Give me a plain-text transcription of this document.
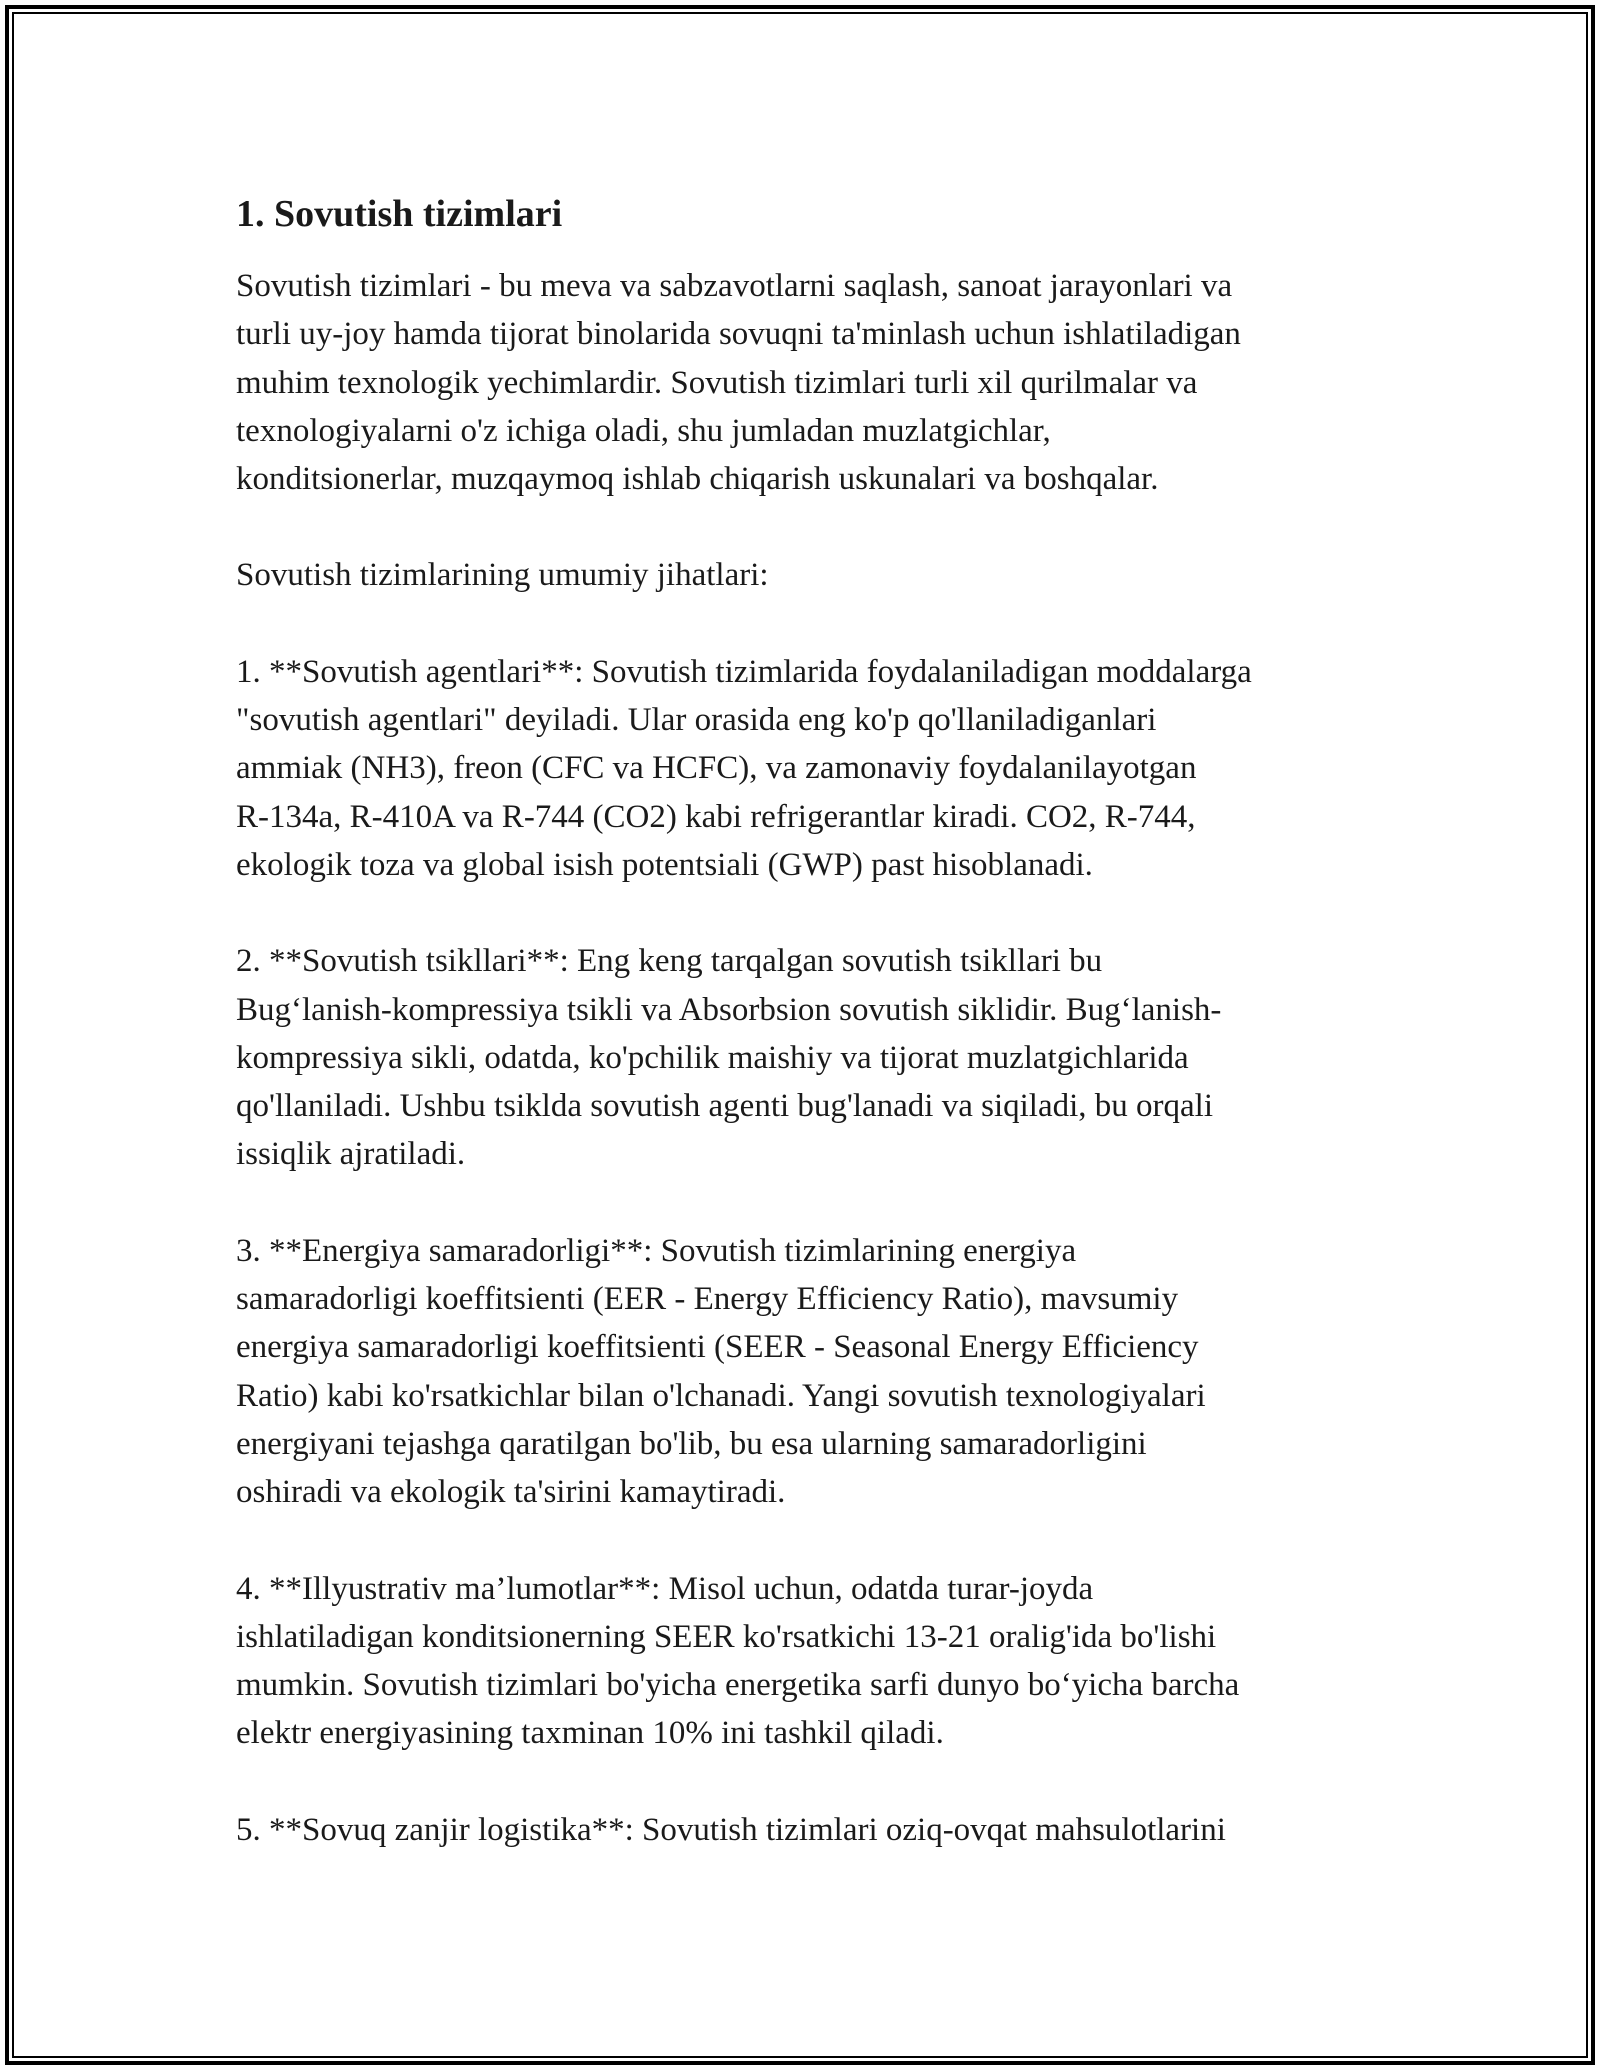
1. Sovutish tizimlari

Sovutish tizimlari - bu meva va sabzavotlarni saqlash, sanoat jarayonlari va
turli uy-joy hamda tijorat binolarida sovuqni ta'minlash uchun ishlatiladigan
muhim texnologik yechimlardir. Sovutish tizimlari turli xil qurilmalar va
texnologiyalarni o'z ichiga oladi, shu jumladan muzlatgichlar,
konditsionerlar, muzqaymoq ishlab chiqarish uskunalari va boshqalar.

Sovutish tizimlarining umumiy jihatlari:

1. **Sovutish agentlari**: Sovutish tizimlarida foydalaniladigan moddalarga
"sovutish agentlari" deyiladi. Ular orasida eng ko'p qo'llaniladiganlari
ammiak (NH3), freon (CFC va HCFC), va zamonaviy foydalanilayotgan
R-134a, R-410A va R-744 (CO2) kabi refrigerantlar kiradi. CO2, R-744,
ekologik toza va global isish potentsiali (GWP) past hisoblanadi.

2. **Sovutish tsikllari**: Eng keng tarqalgan sovutish tsikllari bu
Bug‘lanish-kompressiya tsikli va Absorbsion sovutish siklidir. Bug‘lanish-
kompressiya sikli, odatda, ko'pchilik maishiy va tijorat muzlatgichlarida
qo'llaniladi. Ushbu tsiklda sovutish agenti bug'lanadi va siqiladi, bu orqali
issiqlik ajratiladi.

3. **Energiya samaradorligi**: Sovutish tizimlarining energiya
samaradorligi koeffitsienti (EER - Energy Efficiency Ratio), mavsumiy
energiya samaradorligi koeffitsienti (SEER - Seasonal Energy Efficiency
Ratio) kabi ko'rsatkichlar bilan o'lchanadi. Yangi sovutish texnologiyalari
energiyani tejashga qaratilgan bo'lib, bu esa ularning samaradorligini
oshiradi va ekologik ta'sirini kamaytiradi.

4. **Illyustrativ ma’lumotlar**: Misol uchun, odatda turar-joyda
ishlatiladigan konditsionerning SEER ko'rsatkichi 13-21 oralig'ida bo'lishi
mumkin. Sovutish tizimlari bo'yicha energetika sarfi dunyo bo‘yicha barcha
elektr energiyasining taxminan 10% ini tashkil qiladi.

5. **Sovuq zanjir logistika**: Sovutish tizimlari oziq-ovqat mahsulotlarini
